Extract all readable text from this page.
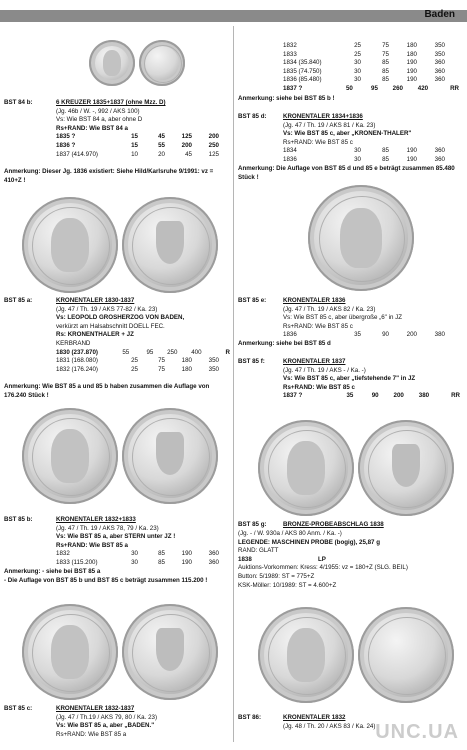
Baden
BST 84 b:	6 KREUZER 1835+1837 (ohne Mzz. D)
(Jg. 46b / W. -, 992 / AKS 100)
Vs: Wie BST 84 a, aber ohne D
Rs+RAND: Wie BST 84 a
1835 ?	15	45	125	200
1836 ?	15	55	200	250
1837 (414.970)	10	20	45	125
Anmerkung: Dieser Jg. 1836 existiert: Siehe Hild/Karlsruhe 9/1991: vz = 410+Z !
BST 85 a:	KRONENTALER 1830-1837
(Jg. 47 / Th. 19 / AKS 77-82 / Ka. 23)
Vs: LEOPOLD GROSHERZOG VON BADEN,
verkürzt am Halsabschnitt DOELL FEC.
Rs: KRONENTHALER + JZ
KERBRAND
1830 (237.870)	55	95	250	400	R
1831 (168.080)	25	75	180	350
1832 (176.240)	25	75	180	350
Anmerkung: Wie BST 85 a und 85 b haben zusammen die Auflage von 176.240 Stück !
BST 85 b:	KRONENTALER 1832+1833
(Jg. 47 / Th. 19 / AKS 78, 79 / Ka. 23)
Vs: Wie BST 85 a, aber STERN unter JZ !
Rs+RAND: Wie BST 85 a
1832	30	85	190	360
1833 (115.200)	30	85	190	360
Anmerkung: - siehe bei BST 85 a
- Die Auflage von BST 85 b und BST 85 c beträgt zusammen 115.200 !
BST 85 c:	KRONENTALER 1832-1837
(Jg. 47 / Th.19 / AKS 79, 80 / Ka. 23)
Vs: Wie BST 85 a, aber „BADEN."
Rs+RAND: Wie BST 85 a
1832	25	75	180	350
1833	25	75	180	350
1834 (35.840)	30	85	190	360
1835 (74.750)	30	85	190	360
1836 (85.480)	30	85	190	360
1837 ?	50	95	260	420	RR
Anmerkung: siehe bei BST 85 b !
BST 85 d:	KRONENTALER 1834+1836
(Jg. 47 / Th. 19 / AKS 81 / Ka. 23)
Vs: Wie BST 85 c, aber „KRONEN-THALER"
Rs+RAND: Wie BST 85 c
1834	30	85	190	360
1836	30	85	190	360
Anmerkung: Die Auflage von BST 85 d und 85 e beträgt zusammen 85.480 Stück !
BST 85 e:	KRONENTALER 1836
(Jg. 47 / Th. 19 / AKS 82 / Ka. 23)
Vs: Wie BST 85 c, aber übergroße „6" in JZ
Rs+RAND: Wie BST 85 c
1836	35	90	200	380
Anmerkung: siehe bei BST 85 d
BST 85 f:	KRONENTALER 1837
(Jg. 47 / Th. 19 / AKS - / Ka. -)
Vs: Wie BST 85 c, aber „tiefstehende 7" in JZ
Rs+RAND: Wie BST 85 c
1837 ?	35	90	200	380	RR
BST 85 g:	BRONZE-PROBEABSCHLAG 1838
(Jg. - / W. 930a / AKS 80 Anm. / Ka. -)
LEGENDE: MASCHINEN PROBE (bogig), 25,87 g
RAND: GLATT
1838	LP
Auktions-Vorkommen: Kress: 4/1955: vz = 180+Z (SLG. BEIL)
Button: 5/1989: ST = 775+Z
KSK-Möller: 10/1989: ST = 4.600+Z
BST 86:	KRONENTALER 1832
(Jg. 48 / Th. 20 / AKS 83 / Ka. 24) UNC.UA
